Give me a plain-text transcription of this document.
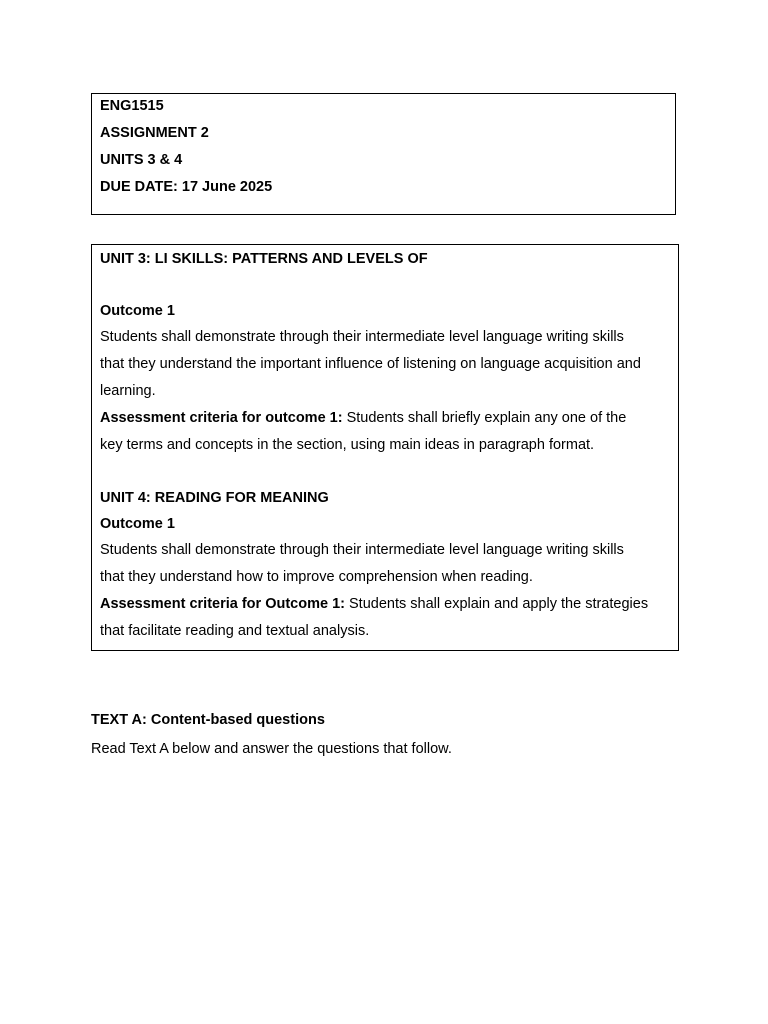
ENG1515
ASSIGNMENT 2
UNITS 3 & 4
DUE DATE: 17 June 2025
UNIT 3: LI SKILLS: PATTERNS AND LEVELS OF
Outcome 1
Students shall demonstrate through their intermediate level language writing skills
that they understand the important influence of listening on language acquisition and
learning.
Assessment criteria for outcome 1: Students shall briefly explain any one of the
key terms and concepts in the section, using main ideas in paragraph format.
UNIT 4: READING FOR MEANING
Outcome 1
Students shall demonstrate through their intermediate level language writing skills
that they understand how to improve comprehension when reading.
Assessment criteria for Outcome 1: Students shall explain and apply the strategies
that facilitate reading and textual analysis.
TEXT A: Content-based questions
Read Text A below and answer the questions that follow.
